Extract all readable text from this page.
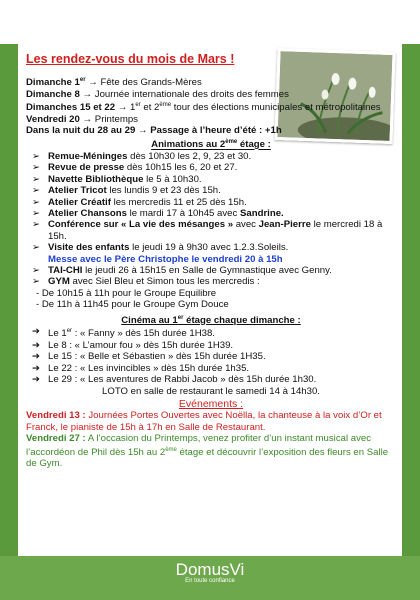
Les rendez-vous du mois de Mars !
Dimanche 1er → Fête des Grands-Mères
Dimanche 8 → Journée internationale des droits des femmes
Dimanches 15 et 22 → 1er et 2ème tour des élections municipales et métropolitaines
Vendredi 20 → Printemps
Dans la nuit du 28 au 29 → Passage à l’heure d’été : +1h
Animations au 2ème étage :
➢ Remue-Méninges dès 10h30 les 2, 9, 23 et 30.
➢ Revue de presse dès 10h15 les 6, 20 et 27.
➢ Navette Bibliothèque le 5 à 10h30.
➢ Atelier Tricot les lundis 9 et 23 dès 15h.
➢ Atelier Créatif les mercredis 11 et 25 dès 15h.
➢ Atelier Chansons le mardi 17 à 10h45 avec Sandrine.
➢ Conférence sur « La vie des mésanges » avec Jean-Pierre le mercredi 18 à 15h.
➢ Visite des enfants le jeudi 19 à 9h30 avec 1.2.3.Soleils.
Messe avec le Père Christophe le vendredi 20 à 15h
➢ TAI-CHI le jeudi 26 à 15h15 en Salle de Gymnastique avec Genny.
➢ GYM avec Siel Bleu et Simon tous les mercredis :
- De 10h15 à 11h pour le Groupe Equilibre
- De 11h à 11h45 pour le Groupe Gym Douce
Cinéma au 1er étage chaque dimanche :
➔ Le 1er : « Fanny » dès 15h durée 1H38.
➔ Le 8 : « L’amour fou » dès 15h durée 1H39.
➔ Le 15 : « Belle et Sébastien » dès 15h durée 1H35.
➔ Le 22 : « Les invincibles » dès 15h durée 1h35.
➔ Le 29 : « Les aventures de Rabbi Jacob » dès 15h durée 1h30.
LOTO en salle de restaurant le samedi 14 à 14h30.
Evénements :
Vendredi 13 : Journées Portes Ouvertes avec Noëlla, la chanteuse à la voix d’Or et Franck, le pianiste de 15h à 17h en Salle de Restaurant.
Vendredi 27 : A l’occasion du Printemps, venez profiter d’un instant musical avec l’accordéon de Phil dès 15h au 2ème étage et découvrir l’exposition des fleurs en Salle de Gym.
DomusVi
En toute confiance
